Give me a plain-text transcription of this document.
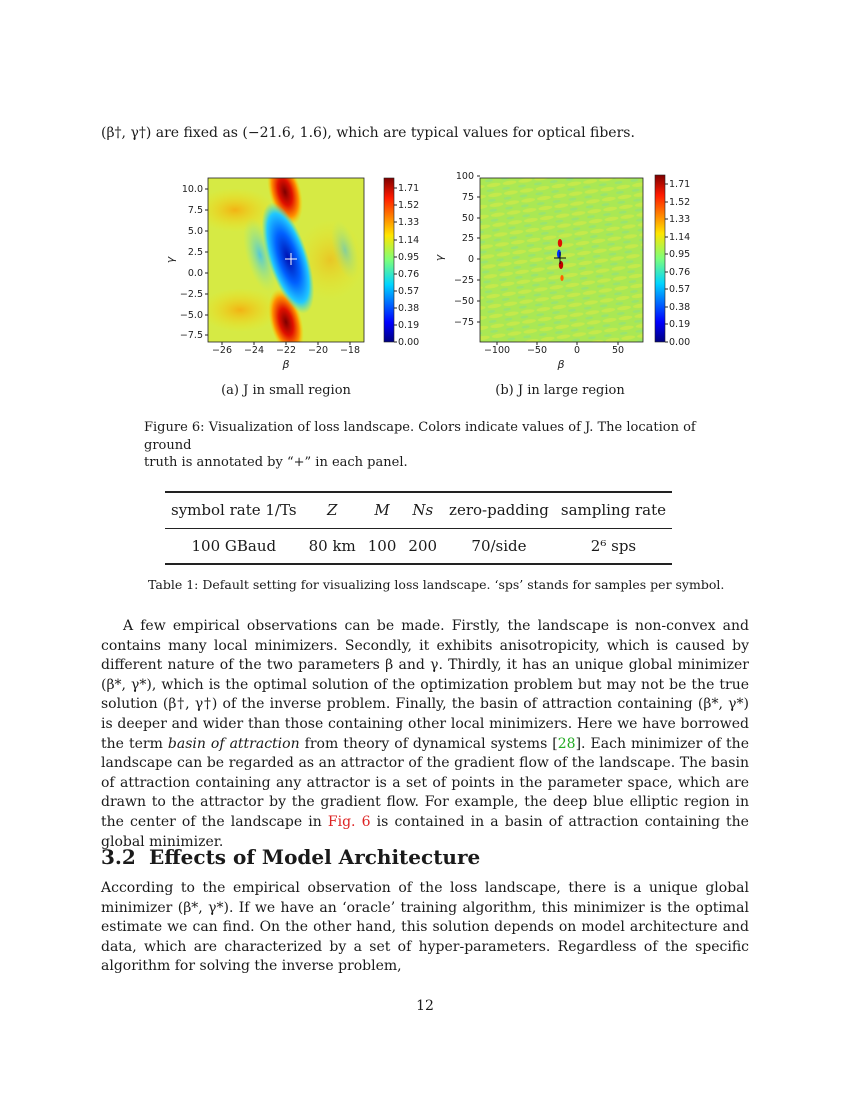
(β†, γ†) are fixed as (−21.6, 1.6), which are typical values for optical fibers.
−26 −24 −22 −20 −18
β
10.0
7.5
5.0
2.5
0.0
−2.5
−5.0
−7.5
γ
1.71
1.52
1.33
1.14
0.95
0.76
0.57
0.38
0.19
0.00
−100 −50	0	50
β
100
75
50
25
0
−25
−50
−75
γ
1.71
1.52
1.33
1.14
0.95
0.76
0.57
0.38
0.19
0.00
(a) J in small region	(b) J in large region
Figure 6: Visualization of loss landscape. Colors indicate values of J. The location of ground
truth is annotated by “+” in each panel.
symbol rate 1/Ts	Z	M	Ns	zero-padding	sampling rate
100 GBaud	80 km	100	200	70/side	2⁶ sps
Table 1: Default setting for visualizing loss landscape. ‘sps’ stands for samples per symbol.
A few empirical observations can be made. Firstly, the landscape is non-convex and contains many local minimizers. Secondly, it exhibits anisotropicity, which is caused by different nature of the two parameters β and γ. Thirdly, it has an unique global minimizer (β*, γ*), which is the optimal solution of the optimization problem but may not be the true solution (β†, γ†) of the inverse problem. Finally, the basin of attraction containing (β*, γ*) is deeper and wider than those containing other local minimizers. Here we have borrowed the term basin of attraction from theory of dynamical systems [28]. Each minimizer of the landscape can be regarded as an attractor of the gradient flow of the landscape. The basin of attraction containing any attractor is a set of points in the parameter space, which are drawn to the attractor by the gradient flow. For example, the deep blue elliptic region in the center of the landscape in Fig. 6 is contained in a basin of attraction containing the global minimizer.
3.2 Effects of Model Architecture
According to the empirical observation of the loss landscape, there is a unique global minimizer (β*, γ*). If we have an ‘oracle’ training algorithm, this minimizer is the optimal estimate we can find. On the other hand, this solution depends on model architecture and data, which are characterized by a set of hyper-parameters. Regardless of the specific algorithm for solving the inverse problem,
12
